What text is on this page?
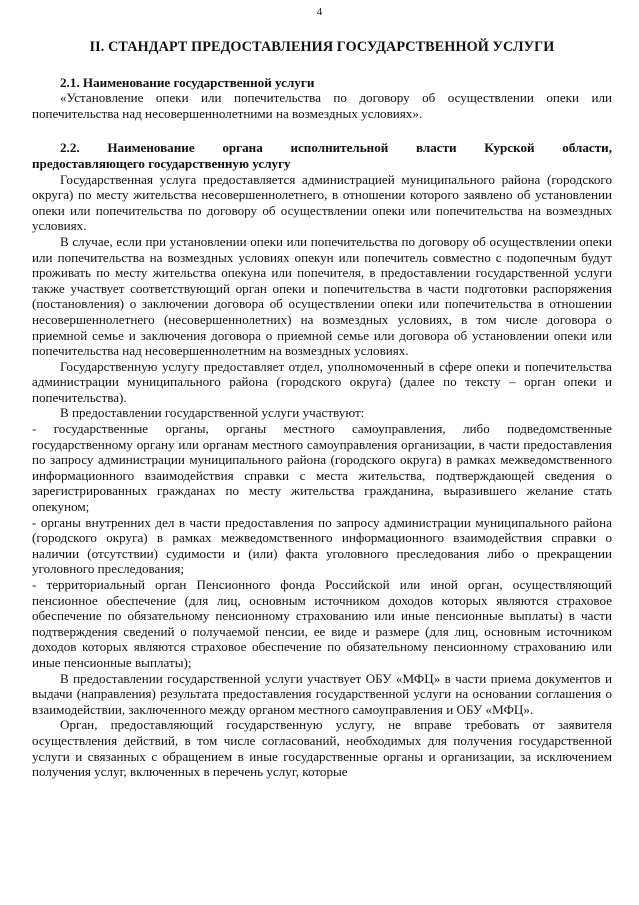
4
II. СТАНДАРТ ПРЕДОСТАВЛЕНИЯ ГОСУДАРСТВЕННОЙ УСЛУГИ

2.1. Наименование государственной услуги

«Установление опеки или попечительства по договору об осуществлении опеки или попечительства над несовершеннолетними на возмездных условиях».

2.2. Наименование органа исполнительной власти Курской области,

предоставляющего государственную услугу

Государственная услуга предоставляется администрацией муниципального района (городского округа) по месту жительства несовершеннолетнего, в отношении которого заявлено об установлении опеки или попечительства по договору об осуществлении опеки или попечительства на возмездных условиях.

В случае, если при установлении опеки или попечительства по договору об осуществлении опеки или попечительства на возмездных условиях опекун или попечитель совместно с подопечным будут проживать по месту жительства опекуна или попечителя, в предоставлении государственной услуги также участвует соответствующий орган опеки и попечительства в части подготовки распоряжения (постановления) о заключении договора об осуществлении опеки или попечительства в отношении несовершеннолетнего (несовершеннолетних) на возмездных условиях, в том числе договора о приемной семье и заключения договора о приемной семье или договора об установлении опеки или попечительства над несовершеннолетним на возмездных условиях.

Государственную услугу предоставляет отдел, уполномоченный в сфере опеки и попечительства администрации муниципального района (городского округа) (далее по тексту – орган опеки и попечительства).

В предоставлении государственной услуги участвуют:

- государственные органы, органы местного самоуправления, либо подведомственные государственному органу или органам местного самоуправления организации, в части предоставления по запросу администрации муниципального района (городского округа) в рамках межведомственного информационного взаимодействия справки с места жительства, подтверждающей сведения о зарегистрированных гражданах по месту жительства гражданина, выразившего желание стать опекуном;

- органы внутренних дел в части предоставления по запросу администрации муниципального района (городского округа) в рамках межведомственного информационного взаимодействия справки о наличии (отсутствии) судимости и (или) факта уголовного преследования либо о прекращении уголовного преследования;

- территориальный орган Пенсионного фонда Российской или иной орган, осуществляющий пенсионное обеспечение (для лиц, основным источником доходов которых являются страховое обеспечение по обязательному пенсионному страхованию или иные пенсионные выплаты) в части подтверждения сведений о получаемой пенсии, ее виде и размере (для лиц, основным источником доходов которых являются страховое обеспечение по обязательному пенсионному страхованию или иные пенсионные выплаты);

В предоставлении государственной услуги участвует ОБУ «МФЦ» в части приема документов и выдачи (направления) результата предоставления государственной услуги на основании соглашения о взаимодействии, заключенного между органом местного самоуправления и ОБУ «МФЦ».

Орган, предоставляющий государственную услугу, не вправе требовать от заявителя осуществления действий, в том числе согласований, необходимых для получения государственной услуги и связанных с обращением в иные государственные органы и организации, за исключением получения услуг, включенных в перечень услуг, которые
